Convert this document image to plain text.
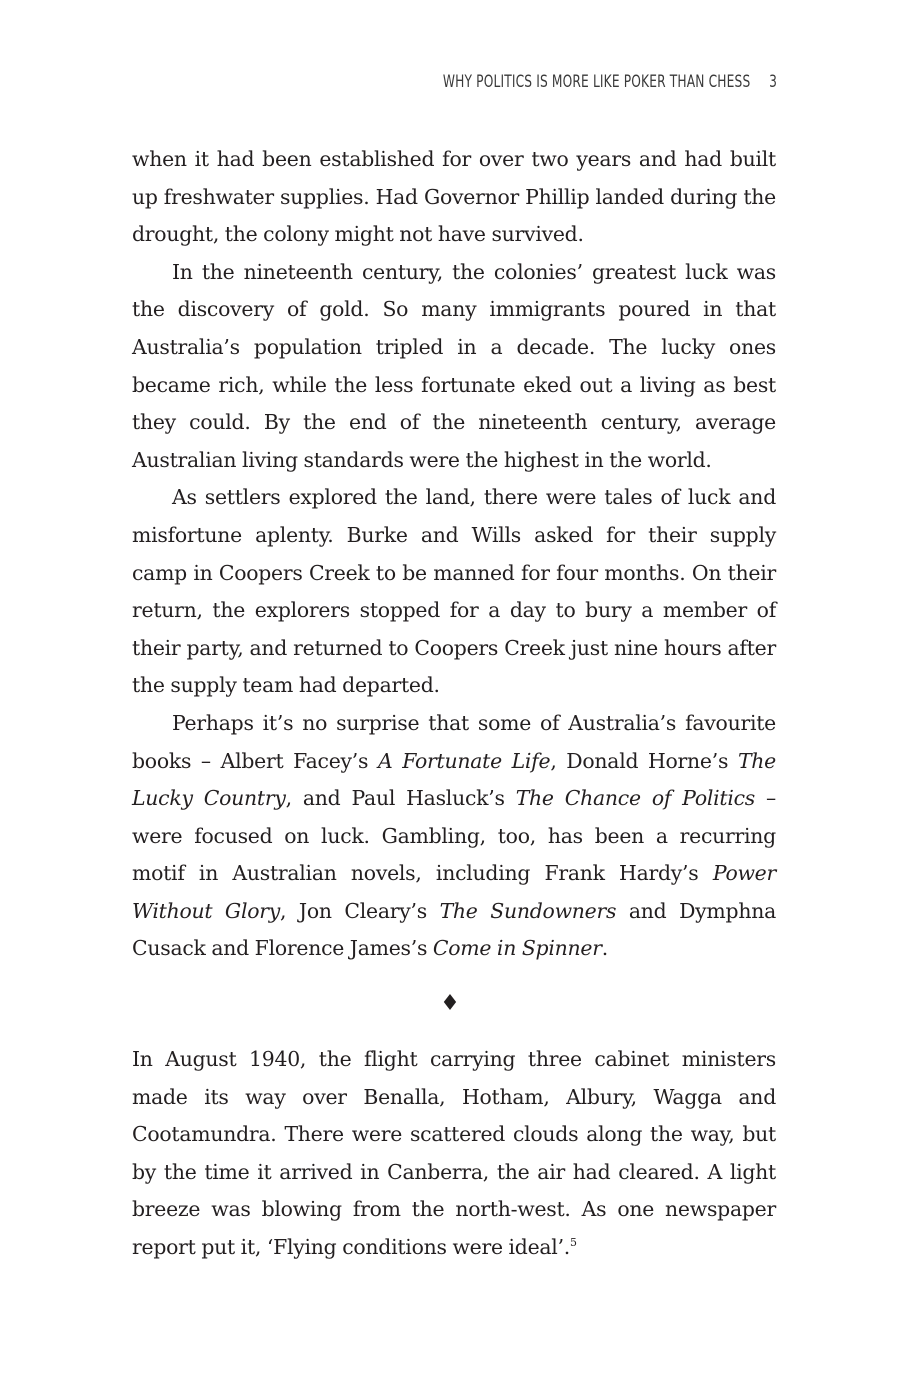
WHY POLITICS IS MORE LIKE POKER THAN CHESS 3

when it had been established for over two years and had built up freshwater supplies. Had Governor Phillip landed during the drought, the colony might not have survived.

In the nineteenth century, the colonies’ greatest luck was the discovery of gold. So many immigrants poured in that Australia’s population tripled in a decade. The lucky ones became rich, while the less fortunate eked out a living as best they could. By the end of the nineteenth century, average Australian living standards were the highest in the world.

As settlers explored the land, there were tales of luck and misfortune aplenty. Burke and Wills asked for their supply camp in Coopers Creek to be manned for four months. On their return, the explorers stopped for a day to bury a member of their party, and returned to Coopers Creek just nine hours after the supply team had departed.

Perhaps it’s no surprise that some of Australia’s favourite books – Albert Facey’s A Fortunate Life, Donald Horne’s The Lucky Country, and Paul Hasluck’s The Chance of Politics – were focused on luck. Gambling, too, has been a recurring motif in Australian novels, including Frank Hardy’s Power Without Glory, Jon Cleary’s The Sundowners and Dymphna Cusack and Florence James’s Come in Spinner.

♦

In August 1940, the flight carrying three cabinet ministers made its way over Benalla, Hotham, Albury, Wagga and Cootamundra. There were scattered clouds along the way, but by the time it arrived in Canberra, the air had cleared. A light breeze was blowing from the north-west. As one newspaper report put it, ‘Flying conditions were ideal’.$^5$
